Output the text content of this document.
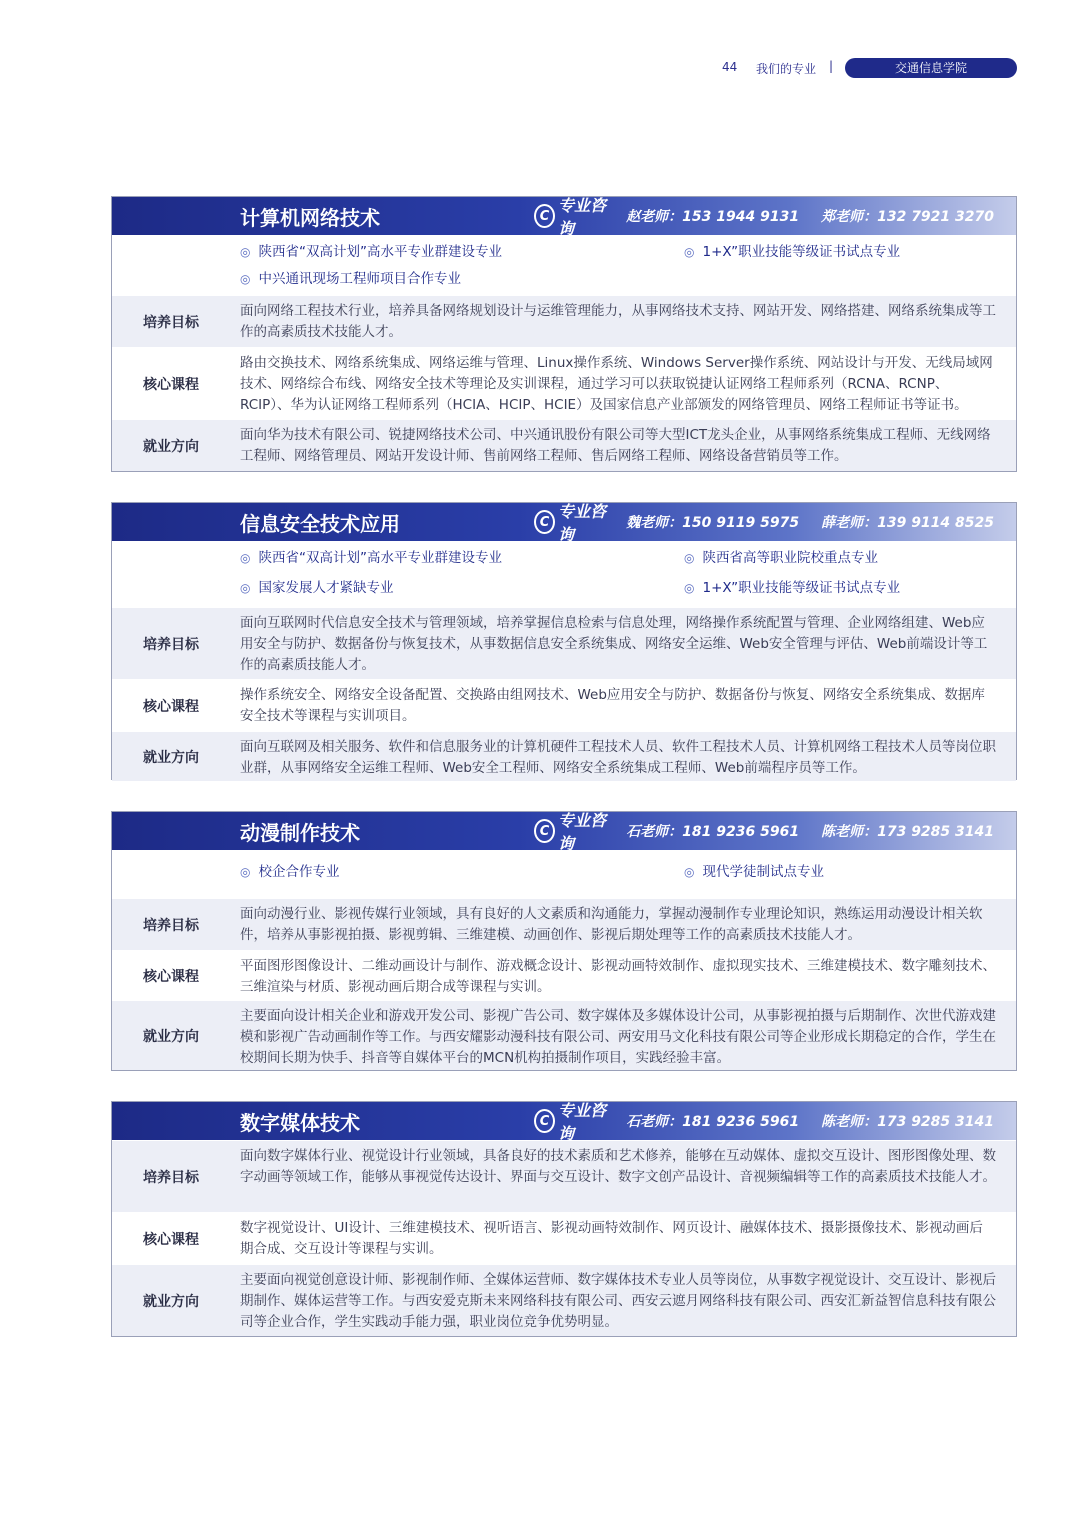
44 我们的专业 |	交通信息学院
计算机网络技术	C
专业咨询
赵老师：153 1944 9131 郑老师：132 7921 3270
◎ 陕西省“双高计划”高水平专业群建设专业	◎ 1+X”职业技能等级证书试点专业
◎ 中兴通讯现场工程师项目合作专业
培养目标
面向网络工程技术行业，培养具备网络规划设计与运维管理能力，从事网络技术支持、网站开发、网络搭建、网络系统集成等工作的高素质技术技能人才。
核心课程
路由交换技术、网络系统集成、网络运维与管理、Linux操作系统、Windows Server操作系统、网站设计与开发、无线局域网技术、网络综合布线、网络安全技术等理论及实训课程，通过学习可以获取锐捷认证网络工程师系列（RCNA、RCNP、RCIP）、华为认证网络工程师系列（HCIA、HCIP、HCIE）及国家信息产业部颁发的网络管理员、网络工程师证书等证书。
就业方向
面向华为技术有限公司、锐捷网络技术公司、中兴通讯股份有限公司等大型ICT龙头企业，从事网络系统集成工程师、无线网络工程师、网络管理员、网站开发设计师、售前网络工程师、售后网络工程师、网络设备营销员等工作。
信息安全技术应用	C
专业咨询
魏老师：150 9119 5975 薛老师：139 9114 8525
◎ 陕西省“双高计划”高水平专业群建设专业	◎ 陕西省高等职业院校重点专业
◎ 国家发展人才紧缺专业	◎ 1+X”职业技能等级证书试点专业
培养目标
面向互联网时代信息安全技术与管理领域，培养掌握信息检索与信息处理，网络操作系统配置与管理、企业网络组建、Web应用安全与防护、数据备份与恢复技术，从事数据信息安全系统集成、网络安全运维、Web安全管理与评估、Web前端设计等工作的高素质技能人才。
核心课程
操作系统安全、网络安全设备配置、交换路由组网技术、Web应用安全与防护、数据备份与恢复、网络安全系统集成、数据库安全技术等课程与实训项目。
就业方向
面向互联网及相关服务、软件和信息服务业的计算机硬件工程技术人员、软件工程技术人员、计算机网络工程技术人员等岗位职业群，从事网络安全运维工程师、Web安全工程师、网络安全系统集成工程师、Web前端程序员等工作。
动漫制作技术	C
专业咨询
石老师：181 9236 5961 陈老师：173 9285 3141
◎ 校企合作专业	◎ 现代学徒制试点专业
培养目标
面向动漫行业、影视传媒行业领域，具有良好的人文素质和沟通能力，掌握动漫制作专业理论知识，熟练运用动漫设计相关软件，培养从事影视拍摄、影视剪辑、三维建模、动画创作、影视后期处理等工作的高素质技术技能人才。
核心课程
平面图形图像设计、二维动画设计与制作、游戏概念设计、影视动画特效制作、虚拟现实技术、三维建模技术、数字雕刻技术、三维渲染与材质、影视动画后期合成等课程与实训。
就业方向
主要面向设计相关企业和游戏开发公司、影视广告公司、数字媒体及多媒体设计公司，从事影视拍摄与后期制作、次世代游戏建模和影视广告动画制作等工作。与西安耀影动漫科技有限公司、两安用马文化科技有限公司等企业形成长期稳定的合作，学生在校期间长期为快手、抖音等自媒体平台的MCN机构拍摄制作项目，实践经验丰富。
数字媒体技术	C
专业咨询
石老师：181 9236 5961 陈老师：173 9285 3141
培养目标
面向数字媒体行业、视觉设计行业领域，具备良好的技术素质和艺术修养，能够在互动媒体、虚拟交互设计、图形图像处理、数字动画等领域工作，能够从事视觉传达设计、界面与交互设计、数字文创产品设计、音视频编辑等工作的高素质技术技能人才。
核心课程
数字视觉设计、UI设计、三维建模技术、视听语言、影视动画特效制作、网页设计、融媒体技术、摄影摄像技术、影视动画后期合成、交互设计等课程与实训。
就业方向
主要面向视觉创意设计师、影视制作师、全媒体运营师、数字媒体技术专业人员等岗位，从事数字视觉设计、交互设计、影视后期制作、媒体运营等工作。与西安爱克斯未来网络科技有限公司、西安云遮月网络科技有限公司、西安汇新益智信息科技有限公司等企业合作，学生实践动手能力强，职业岗位竞争优势明显。
